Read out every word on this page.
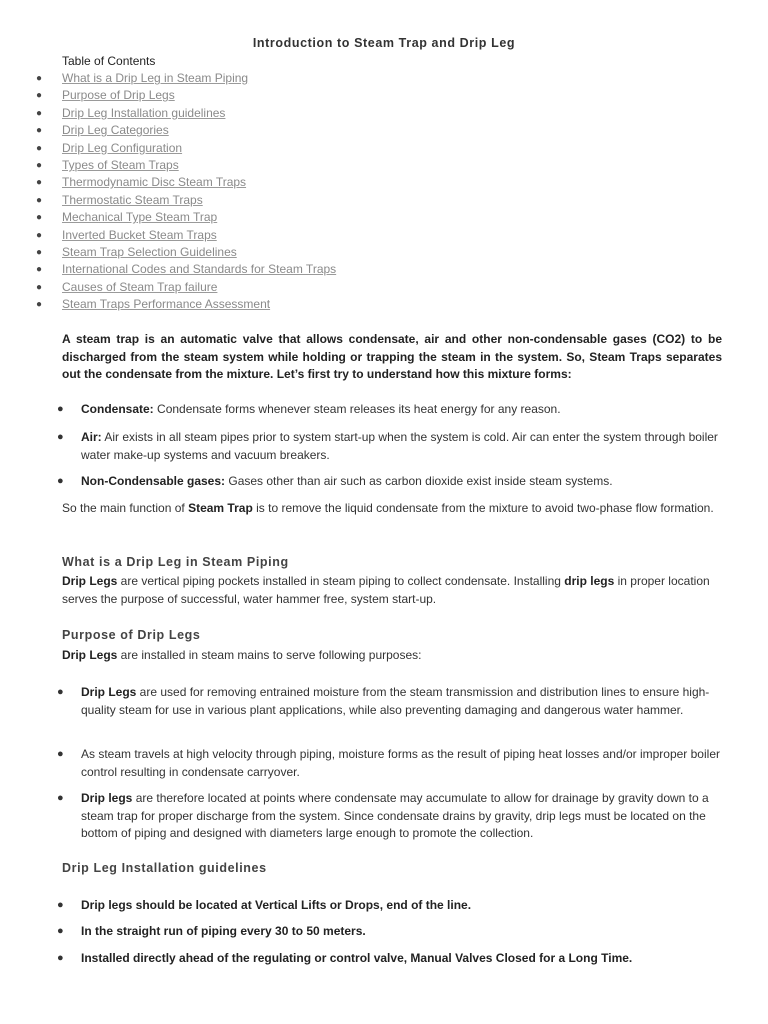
Introduction to Steam Trap and Drip Leg
Table of Contents
● What is a Drip Leg in Steam Piping
● Purpose of Drip Legs
● Drip Leg Installation guidelines
● Drip Leg Categories
● Drip Leg Configuration
● Types of Steam Traps
● Thermodynamic Disc Steam Traps
● Thermostatic Steam Traps
● Mechanical Type Steam Trap
● Inverted Bucket Steam Traps
● Steam Trap Selection Guidelines
● International Codes and Standards for Steam Traps
● Causes of Steam Trap failure
● Steam Traps Performance Assessment
A steam trap is an automatic valve that allows condensate, air and other non-condensable gases (CO2) to be discharged from the steam system while holding or trapping the steam in the system. So, Steam Traps separates out the condensate from the mixture. Let’s first try to understand how this mixture forms:
● Condensate: Condensate forms whenever steam releases its heat energy for any reason.
● Air: Air exists in all steam pipes prior to system start-up when the system is cold. Air can enter the system through boiler water make-up systems and vacuum breakers.
● Non-Condensable gases: Gases other than air such as carbon dioxide exist inside steam systems.
So the main function of Steam Trap is to remove the liquid condensate from the mixture to avoid two-phase flow formation.
What is a Drip Leg in Steam Piping
Drip Legs are vertical piping pockets installed in steam piping to collect condensate. Installing drip legs in proper location serves the purpose of successful, water hammer free, system start-up.
Purpose of Drip Legs
Drip Legs are installed in steam mains to serve following purposes:
● Drip Legs are used for removing entrained moisture from the steam transmission and distribution lines to ensure high-quality steam for use in various plant applications, while also preventing damaging and dangerous water hammer.
● As steam travels at high velocity through piping, moisture forms as the result of piping heat losses and/or improper boiler control resulting in condensate carryover.
● Drip legs are therefore located at points where condensate may accumulate to allow for drainage by gravity down to a steam trap for proper discharge from the system. Since condensate drains by gravity, drip legs must be located on the bottom of piping and designed with diameters large enough to promote the collection.
Drip Leg Installation guidelines
● Drip legs should be located at Vertical Lifts or Drops, end of the line.
● In the straight run of piping every 30 to 50 meters.
● Installed directly ahead of the regulating or control valve, Manual Valves Closed for a Long Time.
